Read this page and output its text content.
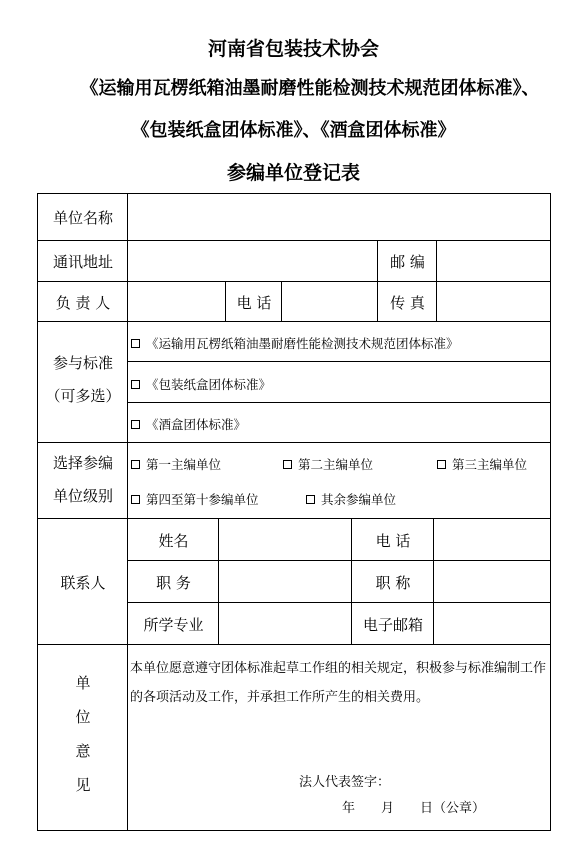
河南省包装技术协会
《运输用瓦楞纸箱油墨耐磨性能检测技术规范团体标准》、
《包装纸盒团体标准》、《酒盒团体标准》
参编单位登记表
单位名称
通讯地址	邮 编
负 责 人	电 话	传 真
参与标准
（可多选）
《运输用瓦楞纸箱油墨耐磨性能检测技术规范团体标准》
《包装纸盒团体标准》
《酒盒团体标准》
选择参编
单位级别
第一主编单位	第二主编单位	第三主编单位
第四至第十参编单位	其余参编单位
联系人
姓名	电 话
职 务	职 称
所学专业	电子邮箱
单
位
意
见
本单位愿意遵守团体标准起草工作组的相关规定，积极参与标准编制工作的各项活动及工作，并承担工作所产生的相关费用。
法人代表签字：
年　　月　　日（公章）
